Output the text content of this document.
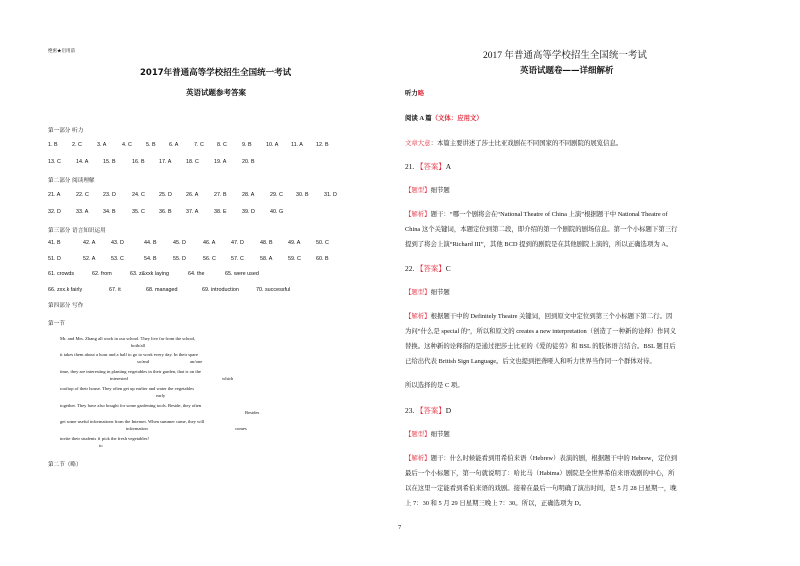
绝密★启用前
2017年普通高等学校招生全国统一考试
英语试题参考答案
第一部分 听力
1. B	2. C	3. A	4. C	5. B 6. A	7. C 8. C	9. B	10. A 11. A 12. B
13. C	14. A	15. B	16. B	17. A	18. C	19. A	20. B
第二部分 阅读理解
21. A	22. C	23. D	24. C	25. D	26. A	27. B	28. A	29. C 30. B	31. D
32. D	33. A	34. B	35. C	36. B	37. A	38. E	39. D	40. G
第三部分 语言知识运用
41. B	42. A	43. D	44. B	45. D	46. A	47. D	48. B	49. A	50. C
51. D	52. A	53. C	54. B	55. D	56. C	57. C	58. A	59. C	60. B
61. crowds	62. from	63. z&xxk laying	64. the	65. were used
66. zxx.k fairly	67. it	68. managed	69. introduction	70. successful
第四部分 写作
第一节
Mr. and Mrs. Zhang all work in our school. They live far from the school,
both/all
it takes them about a hour and a half to go to work every day. In their spare
so/and	an/one
time, they are interesting in planting vegetables in their garden, that is on the
interested	which
rooftop of their house. They often get up earlier and water the vegetables
early
together. They have also bought for some gardening tools. Beside, they often
Besides
get some useful informations from the Internet. When summer came, they will
information	comes
invite their students ∧ pick the fresh vegetables!
to
第二节（略）
7
2017 年普通高等学校招生全国统一考试
英语试题卷——详细解析
听力略
阅读 A 篇（文体：应用文）
文章大意：本篇主要讲述了莎士比亚戏剧在不同国家的不同剧院的展览信息。
21. 【答案】A
【题型】细节题
【解析】题干：“哪一个剧将会在“National Theatre of China 上演”根据题干中 National Theatre of
China 这个关键词，本题定位到第二段，即介绍的第一个剧院的剧场信息。第一个小标题下第三行
提到了将会上演“Richard III”，其他 BCD 提到的剧院是在其他剧院上演的，所以正确选项为 A。
22. 【答案】C
【题型】细节题
【解析】根据题干中的 Definitely Theatre 关键词，回到原文中定位到第三个小标题下第二行。因
为问“什么是 special 的”，所以和原文的 creates a new interpretation（创造了一种新的诠释）作同义
替换。这种新的诠释指的是通过把莎士比亚的《爱的徒劳》和 BSL 的肢体语言结合。BSL 题目后
已给出代表 British Sign Language。后文也提到把聋哑人和听力世界当作同一个群体对待。
所以选择的是 C 项。
23. 【答案】D
【题型】细节题
【解析】题干：什么时候能看到用希伯来语（Hebrew）表演的剧，根据题干中的 Hebrew，定位到
最后一个小标题下，第一句就说明了：哈比马（Habima）剧院是全世界希伯来语戏剧的中心，所
以在这里一定能看到希伯来语的戏剧。接着在最后一句明确了演出时间，是 5 月 28 日星期一，晚
上 7：30 和 5 月 29 日星期三晚上 7：30。所以，正确选项为 D。
